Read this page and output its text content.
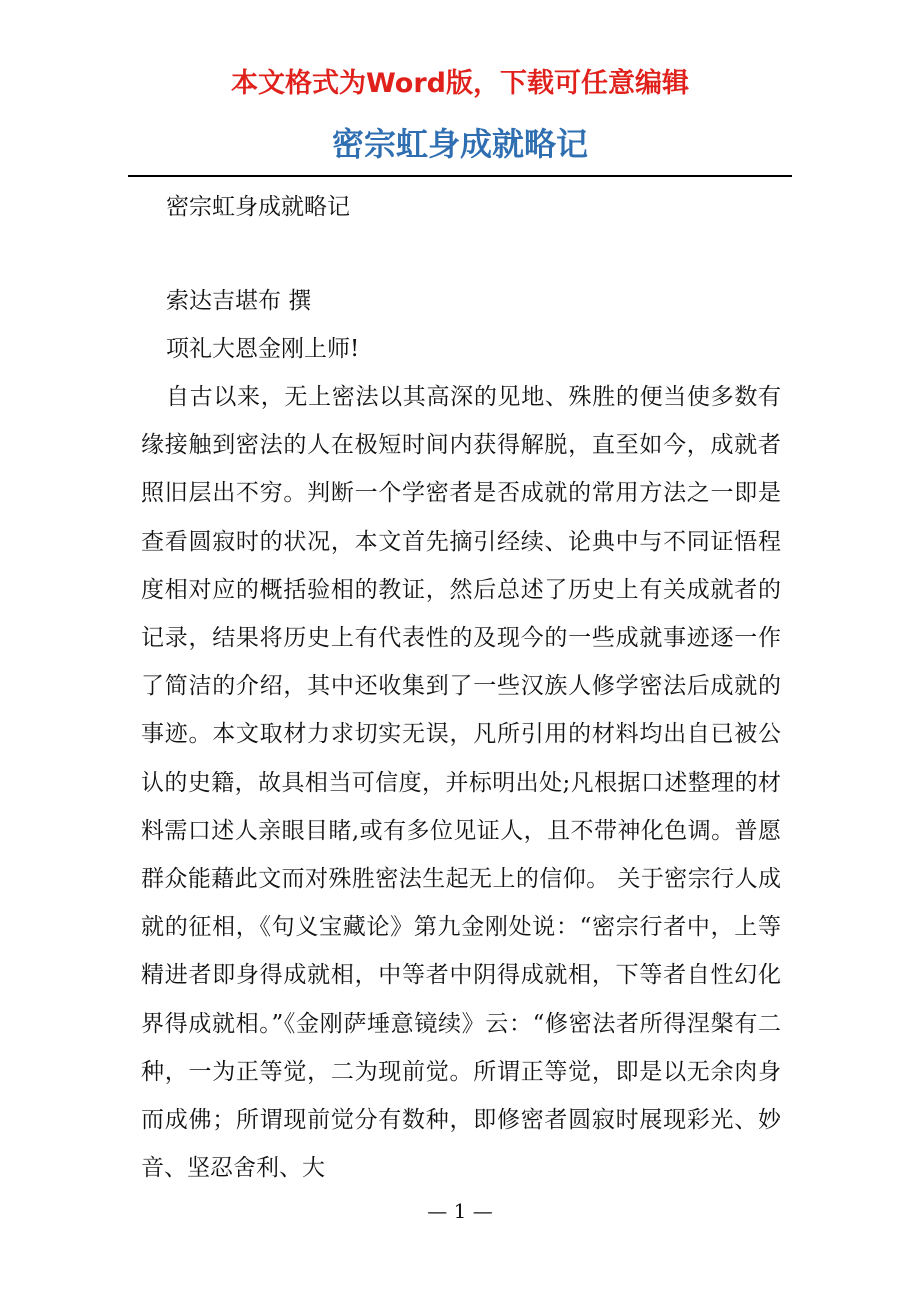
本文格式为Word版，下载可任意编辑
密宗虹身成就略记
密宗虹身成就略记
索达吉堪布 撰
项礼大恩金刚上师!

自古以来，无上密法以其高深的见地、殊胜的便当使多数有缘接触到密法的人在极短时间内获得解脱，直至如今，成就者照旧层出不穷。判断一个学密者是否成就的常用方法之一即是查看圆寂时的状况，本文首先摘引经续、论典中与不同证悟程度相对应的概括验相的教证，然后总述了历史上有关成就者的记录，结果将历史上有代表性的及现今的一些成就事迹逐一作了简洁的介绍，其中还收集到了一些汉族人修学密法后成就的事迹。本文取材力求切实无误，凡所引用的材料均出自已被公认的史籍，故具相当可信度，并标明出处;凡根据口述整理的材料需口述人亲眼目睹,或有多位见证人，且不带神化色调。普愿群众能藉此文而对殊胜密法生起无上的信仰。 关于密宗行人成就的征相，《句义宝藏论》第九金刚处说：“密宗行者中，上等精进者即身得成就相，中等者中阴得成就相，下等者自性幻化界得成就相。”《金刚萨埵意镜续》云：“修密法者所得涅槃有二种，一为正等觉，二为现前觉。所谓正等觉，即是以无余肉身而成佛；所谓现前觉分有数种，即修密者圆寂时展现彩光、妙音、坚忍舍利、大

— 1 —
